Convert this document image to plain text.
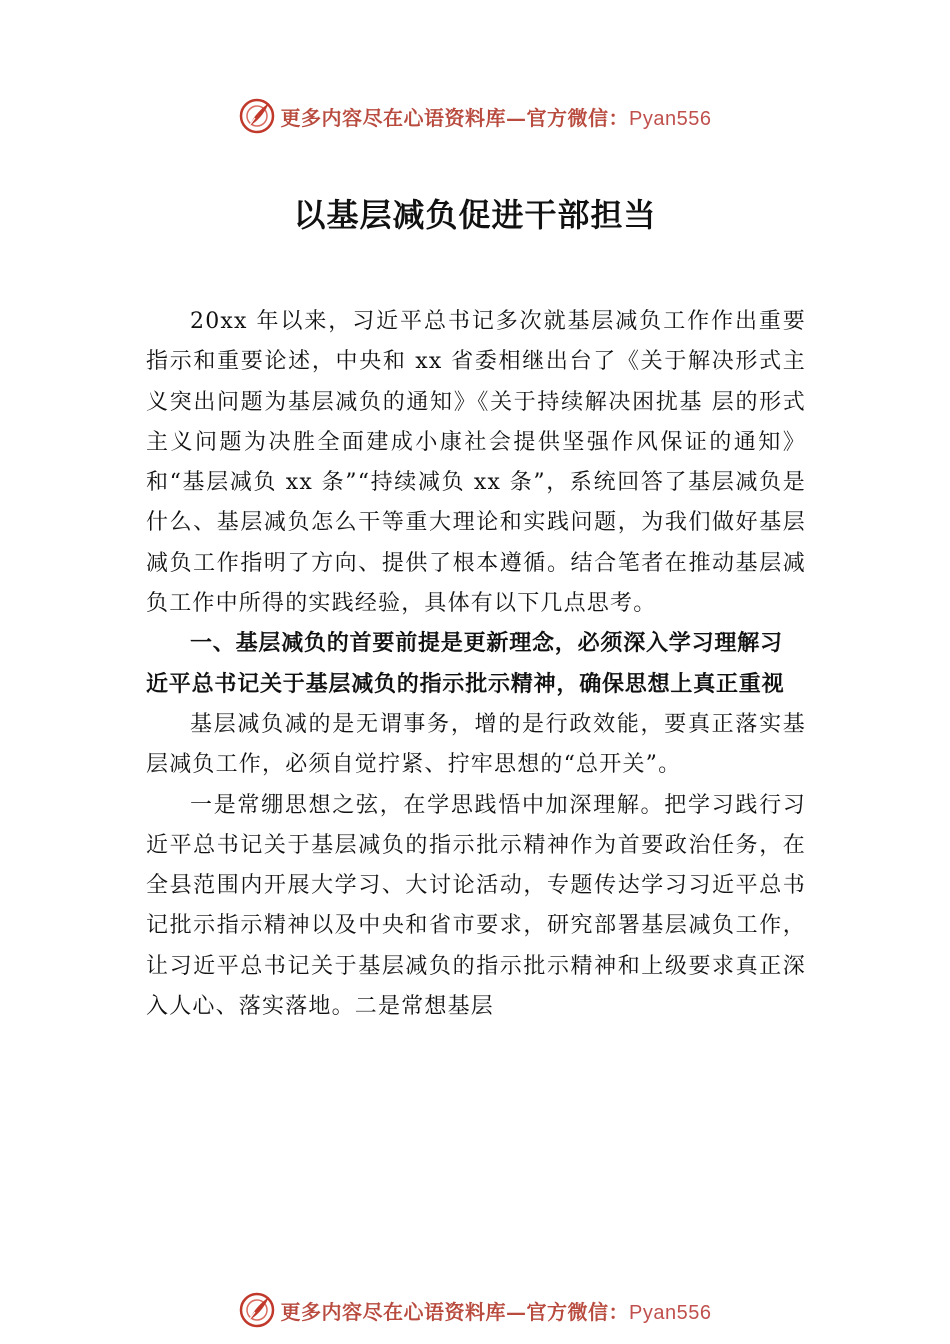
更多内容尽在心语资料库—官方微信：Pyan556
以基层减负促进干部担当

20xx 年以来，习近平总书记多次就基层减负工作作出重要指示和重要论述，中央和 xx 省委相继出台了《关于解决形式主义突出问题为基层减负的通知》《关于持续解决困扰基 层的形式主义问题为决胜全面建成小康社会提供坚强作风保证的通知》和“基层减负 xx 条”“持续减负 xx 条”，系统回答了基层减负是什么、基层减负怎么干等重大理论和实践问题，为我们做好基层减负工作指明了方向、提供了根本遵循。结合笔者在推动基层减负工作中所得的实践经验，具体有以下几点思考。

一、基层减负的首要前提是更新理念，必须深入学习理解习近平总书记关于基层减负的指示批示精神，确保思想上真正重视

基层减负减的是无谓事务，增的是行政效能，要真正落实基层减负工作，必须自觉拧紧、拧牢思想的“总开关”。

一是常绷思想之弦，在学思践悟中加深理解。把学习践行习近平总书记关于基层减负的指示批示精神作为首要政治任务，在全县范围内开展大学习、大讨论活动，专题传达学习习近平总书记批示指示精神以及中央和省市要求，研究部署基层减负工作，让习近平总书记关于基层减负的指示批示精神和上级要求真正深入人心、落实落地。二是常想基层

更多内容尽在心语资料库—官方微信：Pyan556
